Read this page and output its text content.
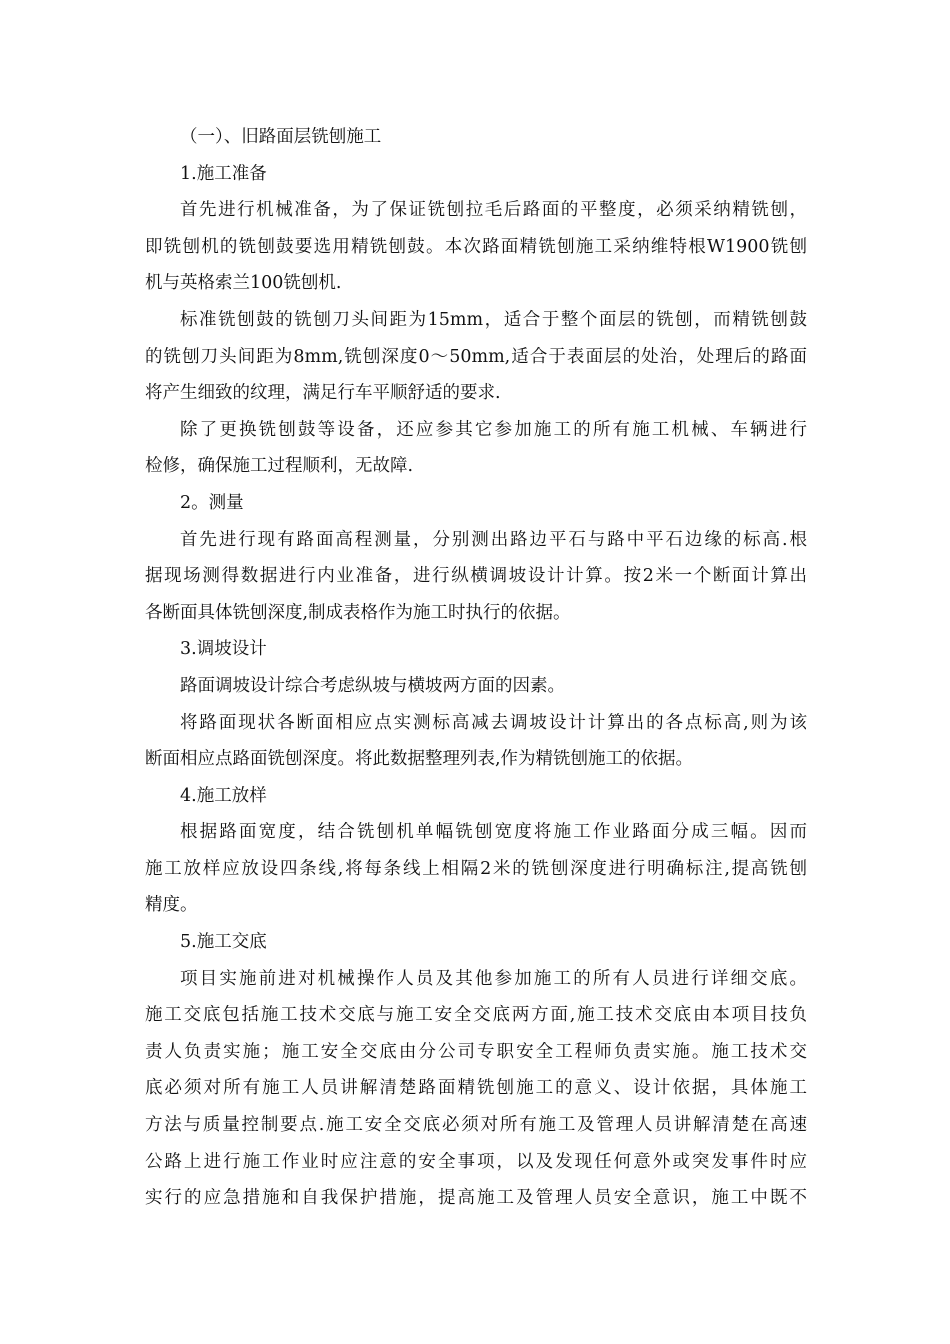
（一）、旧路面层铣刨施工
1.施工准备
首先进行机械准备，为了保证铣刨拉毛后路面的平整度，必须采纳精铣刨，
即铣刨机的铣刨鼓要选用精铣刨鼓。本次路面精铣刨施工采纳维特根W1900铣刨
机与英格索兰100铣刨机.
标准铣刨鼓的铣刨刀头间距为15mm，适合于整个面层的铣刨，而精铣刨鼓
的铣刨刀头间距为8mm,铣刨深度0～50mm,适合于表面层的处治，处理后的路面
将产生细致的纹理，满足行车平顺舒适的要求.
除了更换铣刨鼓等设备，还应参其它参加施工的所有施工机械、车辆进行
检修，确保施工过程顺利，无故障.
2。测量
首先进行现有路面高程测量，分别测出路边平石与路中平石边缘的标高.根
据现场测得数据进行内业准备，进行纵横调坡设计计算。按2米一个断面计算出
各断面具体铣刨深度,制成表格作为施工时执行的依据。
3.调坡设计
路面调坡设计综合考虑纵坡与横坡两方面的因素。
将路面现状各断面相应点实测标高减去调坡设计计算出的各点标高,则为该
断面相应点路面铣刨深度。将此数据整理列表,作为精铣刨施工的依据。
4.施工放样
根据路面宽度，结合铣刨机单幅铣刨宽度将施工作业路面分成三幅。因而
施工放样应放设四条线,将每条线上相隔2米的铣刨深度进行明确标注,提高铣刨
精度。
5.施工交底
项目实施前进对机械操作人员及其他参加施工的所有人员进行详细交底。
施工交底包括施工技术交底与施工安全交底两方面,施工技术交底由本项目技负
责人负责实施；施工安全交底由分公司专职安全工程师负责实施。施工技术交
底必须对所有施工人员讲解清楚路面精铣刨施工的意义、设计依据，具体施工
方法与质量控制要点.施工安全交底必须对所有施工及管理人员讲解清楚在高速
公路上进行施工作业时应注意的安全事项，以及发现任何意外或突发事件时应
实行的应急措施和自我保护措施，提高施工及管理人员安全意识，施工中既不
